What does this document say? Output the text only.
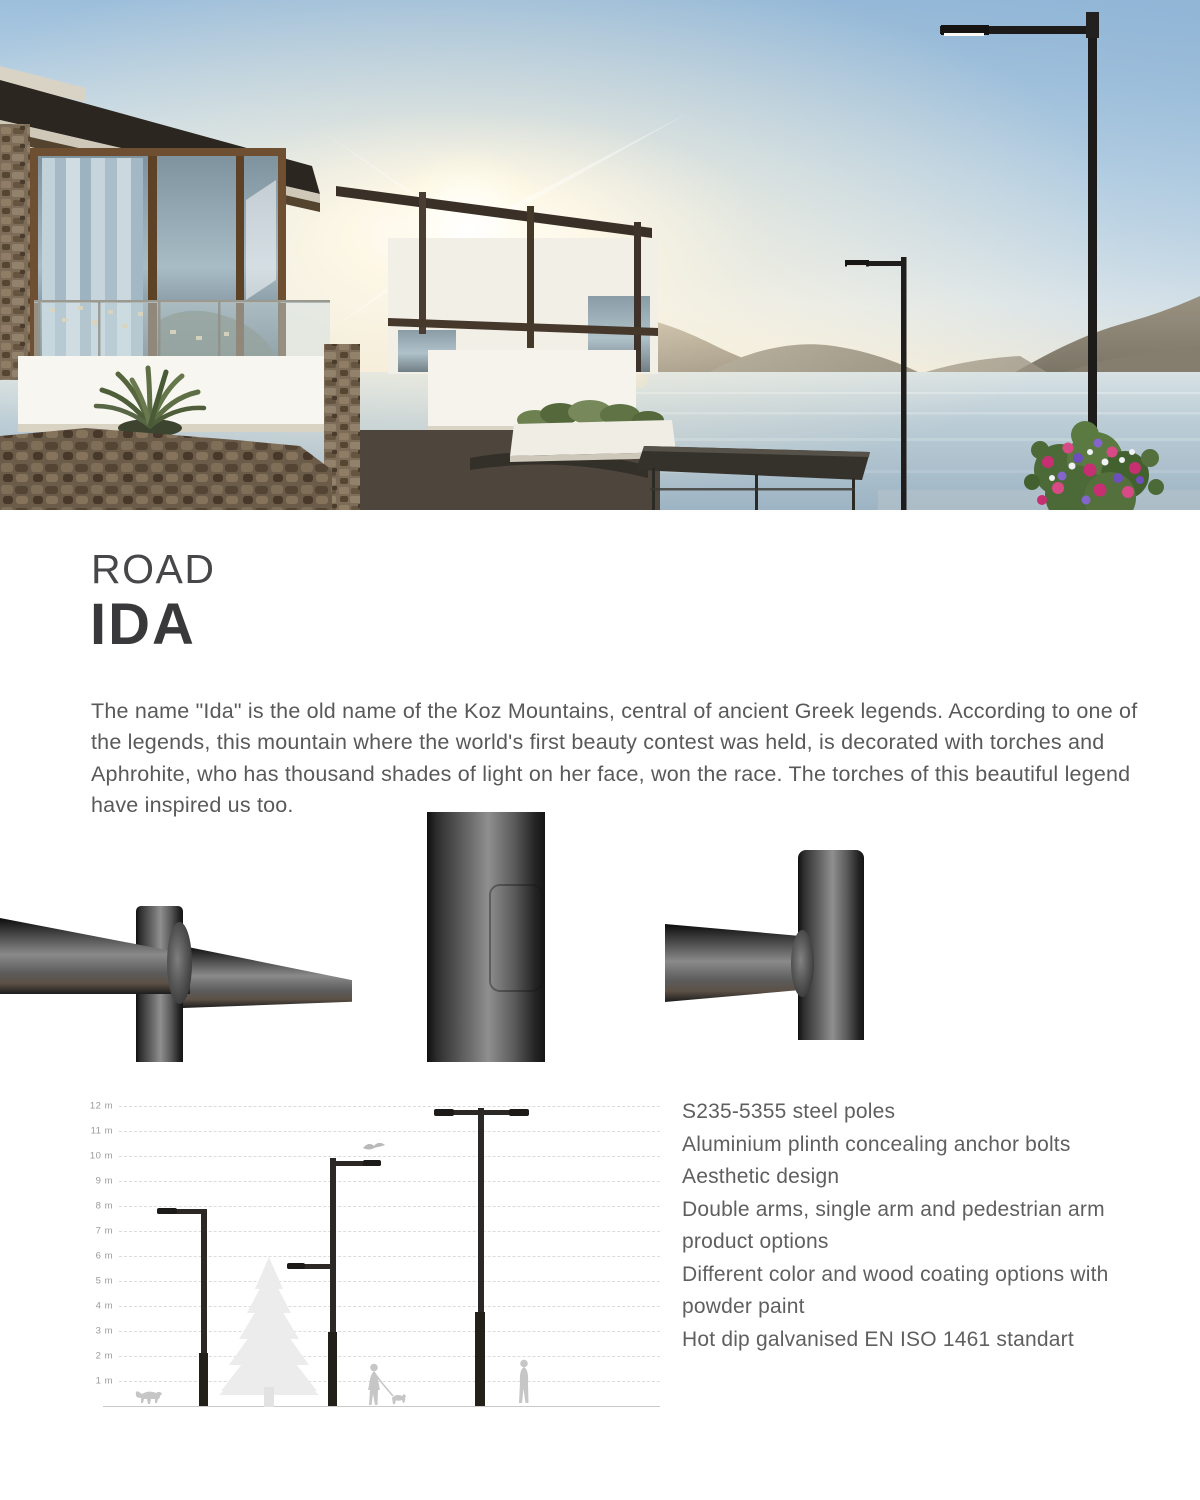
ROAD
IDA

The name "Ida" is the old name of the Koz Mountains, central of ancient Greek legends. According to one of the legends, this mountain where the world's first beauty contest was held, is decorated with torches and Aphrohite, who has thousand shades of light on her face, won the race. The torches of this beautiful legend have inspired us too.

12 m
11 m
10 m
9 m
8 m
7 m
6 m
5 m
4 m
3 m
2 m
1 m
S235-5355 steel poles
Aluminium plinth concealing anchor bolts
Aesthetic design
Double arms, single arm and pedestrian arm product options
Different color and wood coating options with powder paint
Hot dip galvanised EN ISO 1461 standart
